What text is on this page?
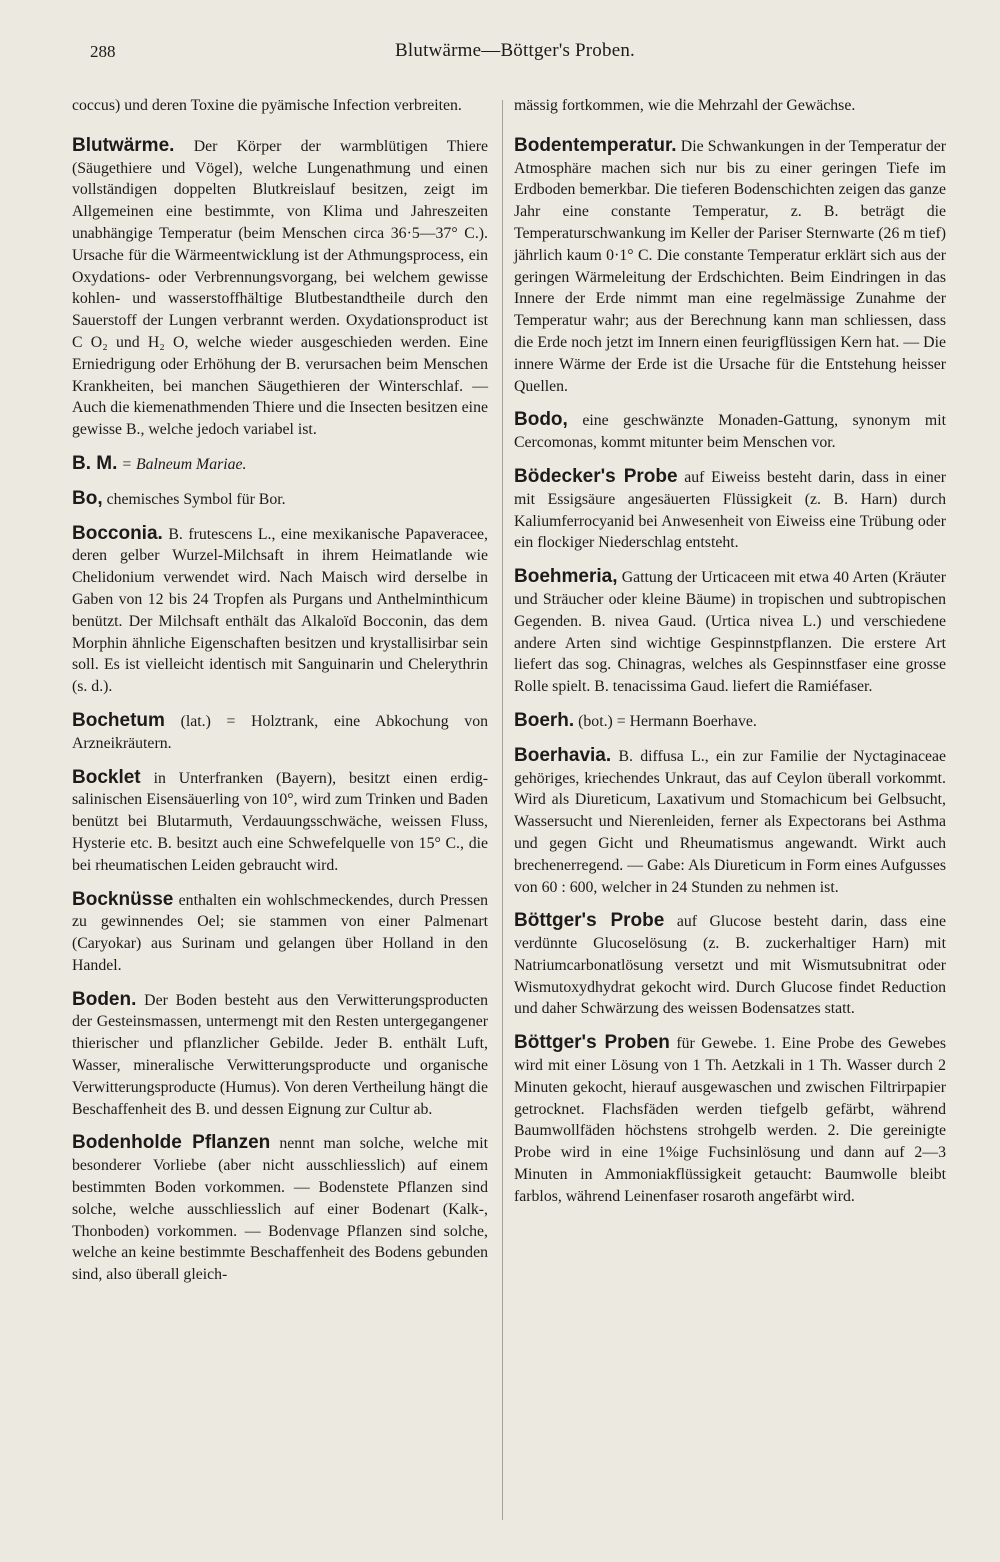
288	Blutwärme—Böttger's Proben.

coccus) und deren Toxine die pyämische Infection verbreiten.

Blutwärme. Der Körper der warmblütigen Thiere (Säugethiere und Vögel), welche Lungenathmung und einen vollständigen doppelten Blutkreislauf besitzen, zeigt im Allgemeinen eine bestimmte, von Klima und Jahreszeiten unabhängige Temperatur (beim Menschen circa 36·5—37° C.). Ursache für die Wärmeentwicklung ist der Athmungsprocess, ein Oxydations- oder Verbrennungsvorgang, bei welchem gewisse kohlen- und wasserstoffhältige Blutbestandtheile durch den Sauerstoff der Lungen verbrannt werden. Oxydationsproduct ist C O₂ und H₂ O, welche wieder ausgeschieden werden. Eine Erniedrigung oder Erhöhung der B. verursachen beim Menschen Krankheiten, bei manchen Säugethieren der Winterschlaf. — Auch die kiemenathmenden Thiere und die Insecten besitzen eine gewisse B., welche jedoch variabel ist.

B. M. = Balneum Mariae.

Bo, chemisches Symbol für Bor.

Bocconia. B. frutescens L., eine mexikanische Papaveracee, deren gelber Wurzel-Milchsaft in ihrem Heimatlande wie Chelidonium verwendet wird. Nach Maisch wird derselbe in Gaben von 12 bis 24 Tropfen als Purgans und Anthelminthicum benützt. Der Milchsaft enthält das Alkaloïd Bocconin, das dem Morphin ähnliche Eigenschaften besitzen und krystallisirbar sein soll. Es ist vielleicht identisch mit Sanguinarin und Chelerythrin (s. d.).

Bochetum (lat.) = Holztrank, eine Abkochung von Arzneikräutern.

Bocklet in Unterfranken (Bayern), besitzt einen erdig-salinischen Eisensäuerling von 10°, wird zum Trinken und Baden benützt bei Blutarmuth, Verdauungsschwäche, weissen Fluss, Hysterie etc. B. besitzt auch eine Schwefelquelle von 15° C., die bei rheumatischen Leiden gebraucht wird.

Bocknüsse enthalten ein wohlschmeckendes, durch Pressen zu gewinnendes Oel; sie stammen von einer Palmenart (Caryokar) aus Surinam und gelangen über Holland in den Handel.

Boden. Der Boden besteht aus den Verwitterungsproducten der Gesteinsmassen, untermengt mit den Resten untergegangener thierischer und pflanzlicher Gebilde. Jeder B. enthält Luft, Wasser, mineralische Verwitterungsproducte und organische Verwitterungsproducte (Humus). Von deren Vertheilung hängt die Beschaffenheit des B. und dessen Eignung zur Cultur ab.

Bodenholde Pflanzen nennt man solche, welche mit besonderer Vorliebe (aber nicht ausschliesslich) auf einem bestimmten Boden vorkommen. — Bodenstete Pflanzen sind solche, welche ausschliesslich auf einer Bodenart (Kalk-, Thonboden) vorkommen. — Bodenvage Pflanzen sind solche, welche an keine bestimmte Beschaffenheit des Bodens gebunden sind, also überall gleich-

mässig fortkommen, wie die Mehrzahl der Gewächse.

Bodentemperatur. Die Schwankungen in der Temperatur der Atmosphäre machen sich nur bis zu einer geringen Tiefe im Erdboden bemerkbar. Die tieferen Bodenschichten zeigen das ganze Jahr eine constante Temperatur, z. B. beträgt die Temperaturschwankung im Keller der Pariser Sternwarte (26 m tief) jährlich kaum 0·1° C. Die constante Temperatur erklärt sich aus der geringen Wärmeleitung der Erdschichten. Beim Eindringen in das Innere der Erde nimmt man eine regelmässige Zunahme der Temperatur wahr; aus der Berechnung kann man schliessen, dass die Erde noch jetzt im Innern einen feurigflüssigen Kern hat. — Die innere Wärme der Erde ist die Ursache für die Entstehung heisser Quellen.

Bodo, eine geschwänzte Monaden-Gattung, synonym mit Cercomonas, kommt mitunter beim Menschen vor.

Bödecker's Probe auf Eiweiss besteht darin, dass in einer mit Essigsäure angesäuerten Flüssigkeit (z. B. Harn) durch Kaliumferrocyanid bei Anwesenheit von Eiweiss eine Trübung oder ein flockiger Niederschlag entsteht.

Boehmeria, Gattung der Urticaceen mit etwa 40 Arten (Kräuter und Sträucher oder kleine Bäume) in tropischen und subtropischen Gegenden. B. nivea Gaud. (Urtica nivea L.) und verschiedene andere Arten sind wichtige Gespinnstpflanzen. Die erstere Art liefert das sog. Chinagras, welches als Gespinnstfaser eine grosse Rolle spielt. B. tenacissima Gaud. liefert die Ramiéfaser.

Boerh. (bot.) = Hermann Boerhave.

Boerhavia. B. diffusa L., ein zur Familie der Nyctaginaceae gehöriges, kriechendes Unkraut, das auf Ceylon überall vorkommt. Wird als Diureticum, Laxativum und Stomachicum bei Gelbsucht, Wassersucht und Nierenleiden, ferner als Expectorans bei Asthma und gegen Gicht und Rheumatismus angewandt. Wirkt auch brechenerregend. — Gabe: Als Diureticum in Form eines Aufgusses von 60 : 600, welcher in 24 Stunden zu nehmen ist.

Böttger's Probe auf Glucose besteht darin, dass eine verdünnte Glucoselösung (z. B. zuckerhaltiger Harn) mit Natriumcarbonatlösung versetzt und mit Wismutsubnitrat oder Wismutoxydhydrat gekocht wird. Durch Glucose findet Reduction und daher Schwärzung des weissen Bodensatzes statt.

Böttger's Proben für Gewebe. 1. Eine Probe des Gewebes wird mit einer Lösung von 1 Th. Aetzkali in 1 Th. Wasser durch 2 Minuten gekocht, hierauf ausgewaschen und zwischen Filtrirpapier getrocknet. Flachsfäden werden tiefgelb gefärbt, während Baumwollfäden höchstens strohgelb werden. 2. Die gereinigte Probe wird in eine 1%ige Fuchsinlösung und dann auf 2—3 Minuten in Ammoniakflüssigkeit getaucht: Baumwolle bleibt farblos, während Leinenfaser rosaroth angefärbt wird.
